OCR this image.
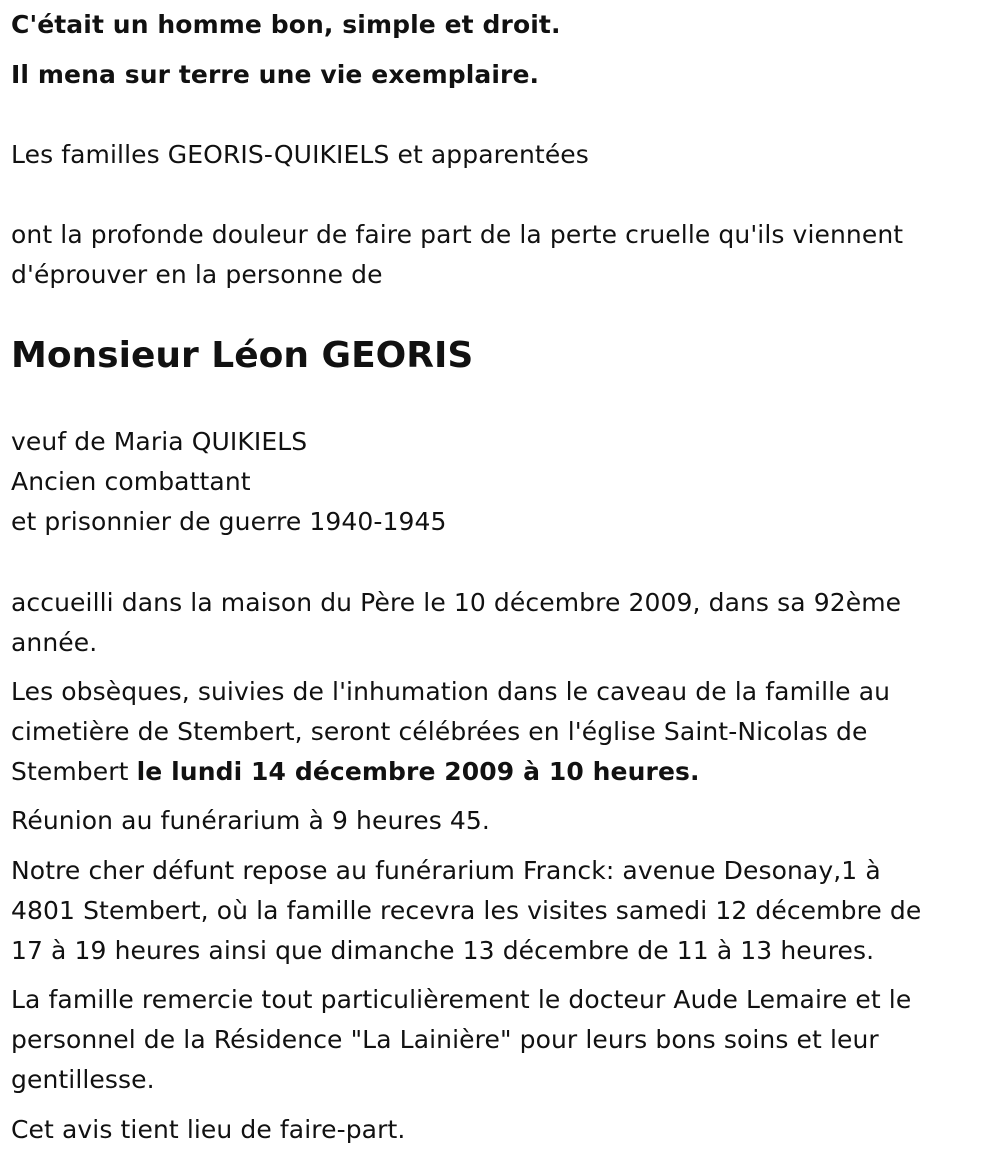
C'était un homme bon, simple et droit.
Il mena sur terre une vie exemplaire.
Les familles GEORIS-QUIKIELS et apparentées
ont la profonde douleur de faire part de la perte cruelle qu'ils viennent
d'éprouver en la personne de
Monsieur Léon GEORIS
veuf de Maria QUIKIELS
Ancien combattant
et prisonnier de guerre 1940-1945
accueilli dans la maison du Père le 10 décembre 2009, dans sa 92ème
année.
Les obsèques, suivies de l'inhumation dans le caveau de la famille au
cimetière de Stembert, seront célébrées en l'église Saint-Nicolas de
Stembert le lundi 14 décembre 2009 à 10 heures.
Réunion au funérarium à 9 heures 45.
Notre cher défunt repose au funérarium Franck: avenue Desonay,1 à
4801 Stembert, où la famille recevra les visites samedi 12 décembre de
17 à 19 heures ainsi que dimanche 13 décembre de 11 à 13 heures.
La famille remercie tout particulièrement le docteur Aude Lemaire et le
personnel de la Résidence "La Lainière" pour leurs bons soins et leur
gentillesse.
Cet avis tient lieu de faire-part.
